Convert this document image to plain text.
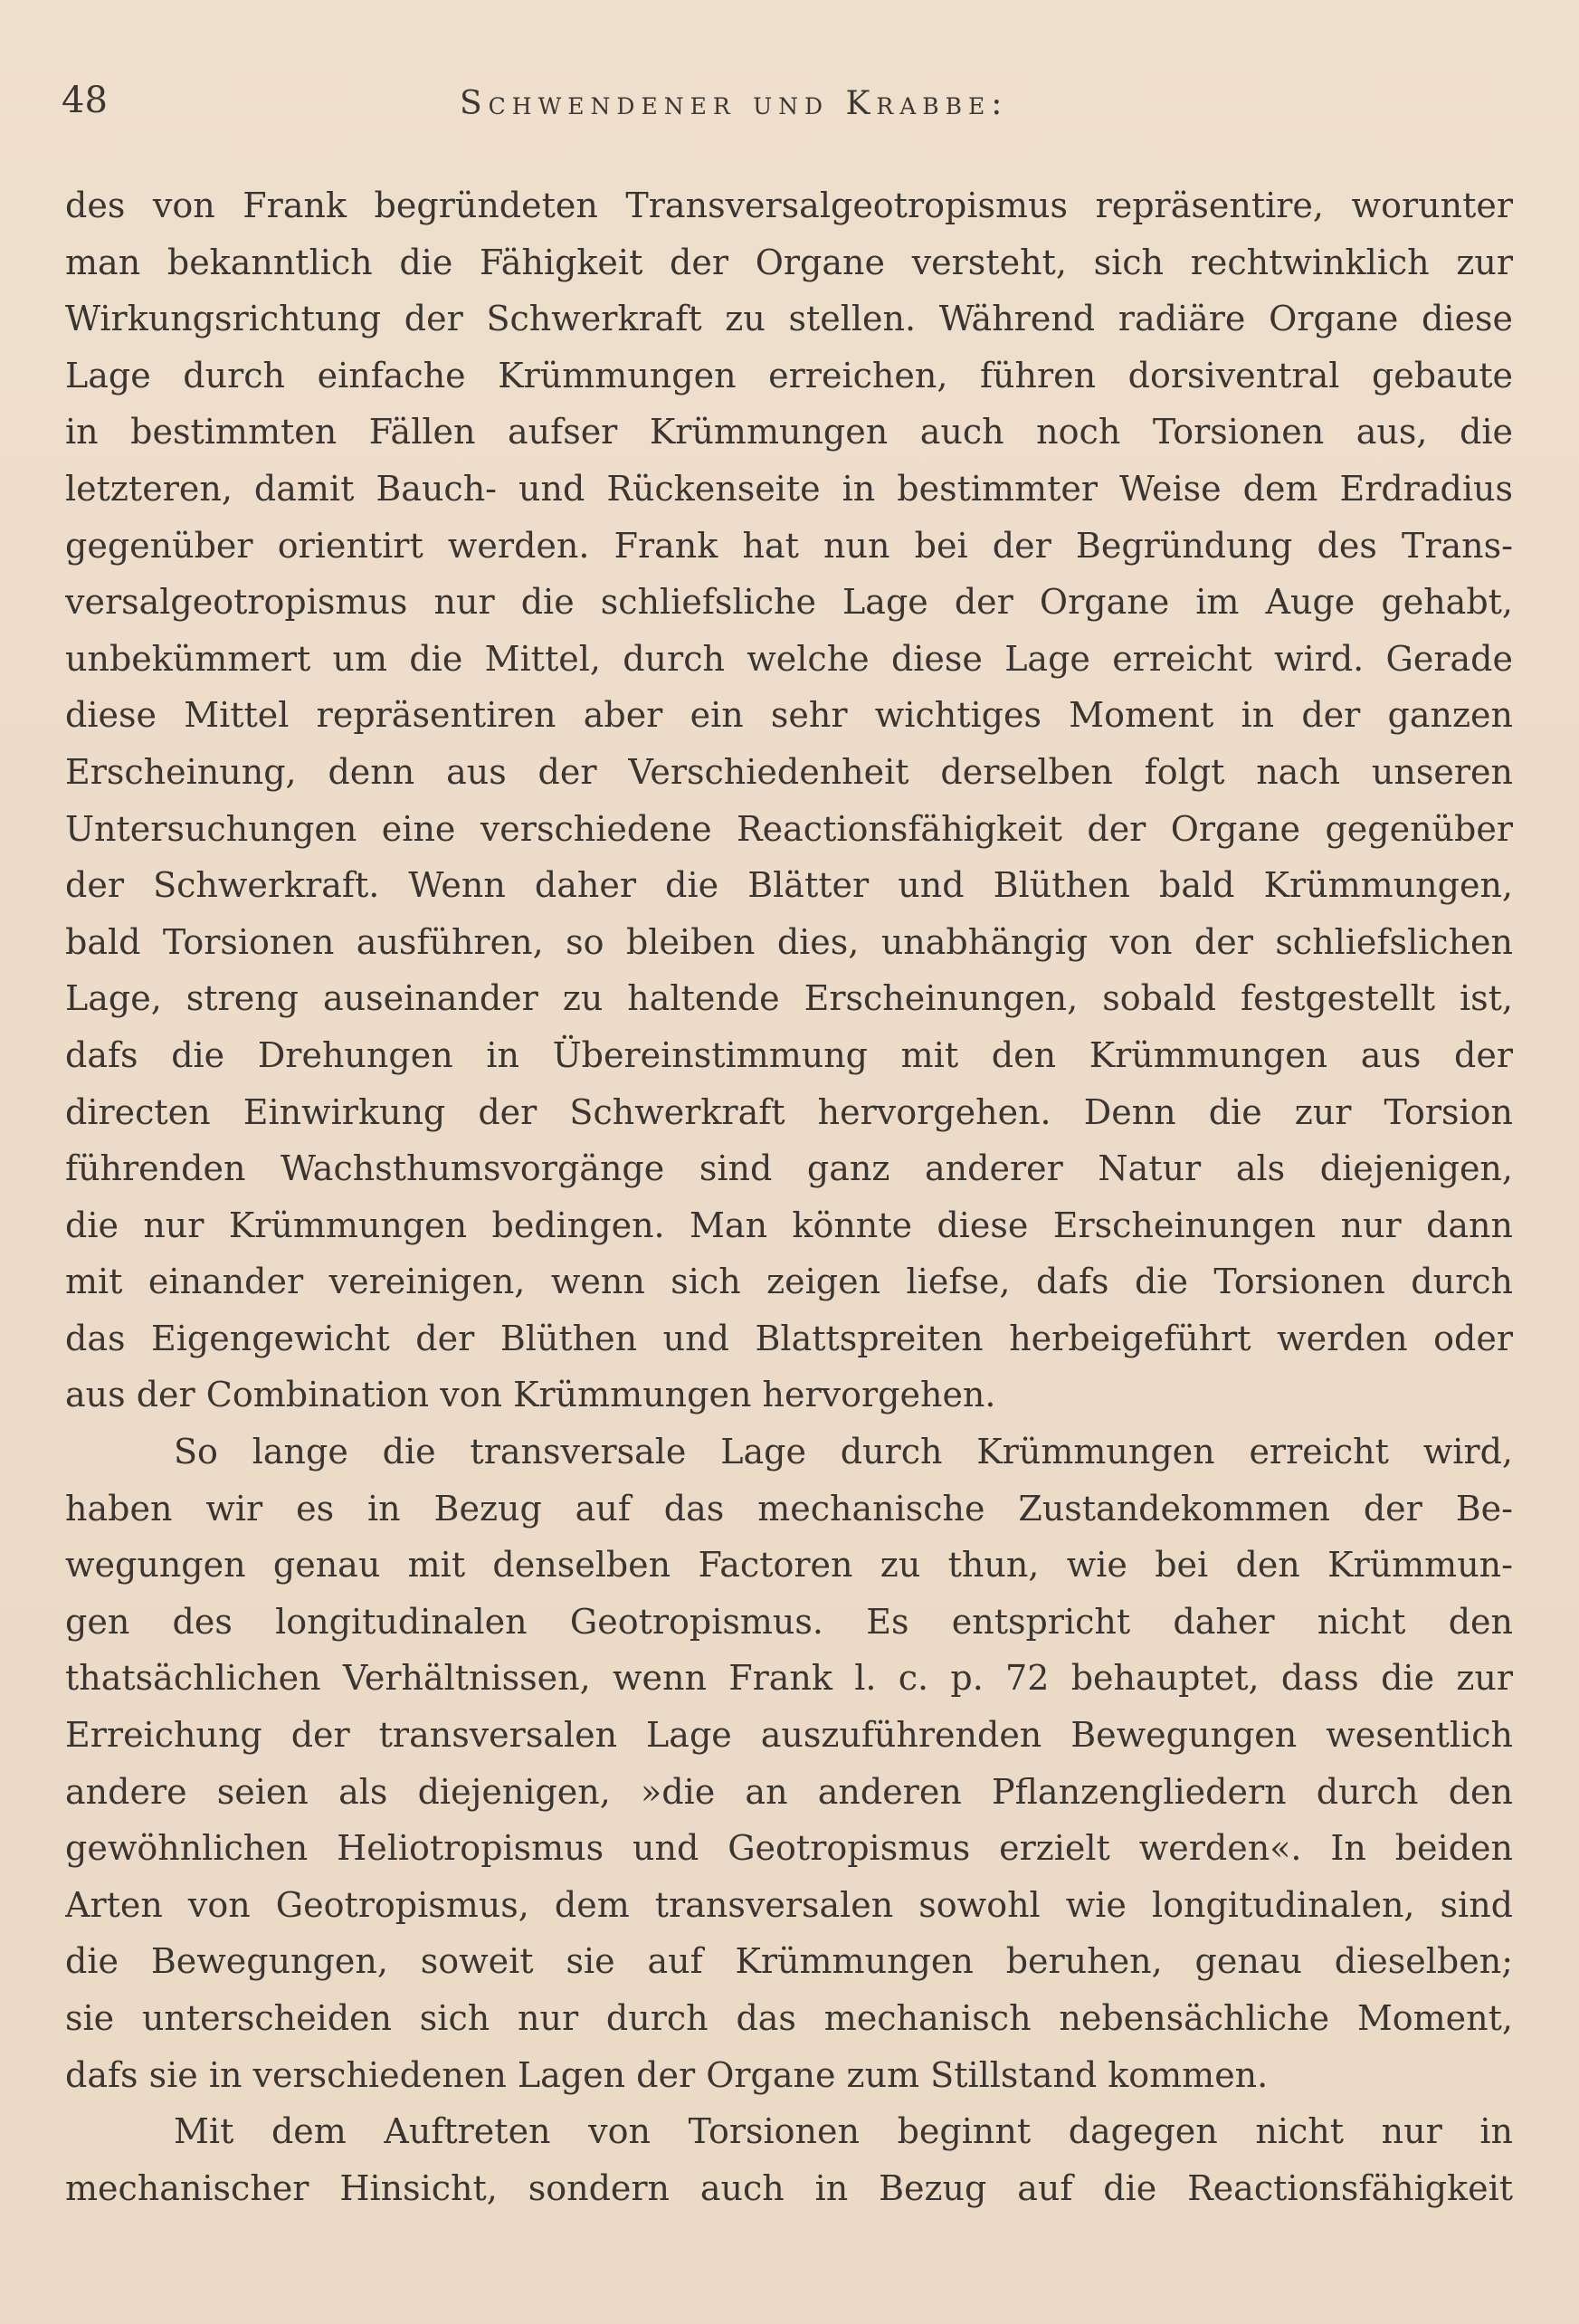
48	Schwendener und Krabbe:
des von Frank begründeten Transversalgeotropismus repräsentire, worunter
man bekanntlich die Fähigkeit der Organe versteht, sich rechtwinklich zur
Wirkungsrichtung der Schwerkraft zu stellen. Während radiäre Organe diese
Lage durch einfache Krümmungen erreichen, führen dorsiventral gebaute
in bestimmten Fällen aufser Krümmungen auch noch Torsionen aus, die
letzteren, damit Bauch- und Rückenseite in bestimmter Weise dem Erdradius
gegenüber orientirt werden. Frank hat nun bei der Begründung des Trans-
versalgeotropismus nur die schliefsliche Lage der Organe im Auge gehabt,
unbekümmert um die Mittel, durch welche diese Lage erreicht wird. Gerade
diese Mittel repräsentiren aber ein sehr wichtiges Moment in der ganzen
Erscheinung, denn aus der Verschiedenheit derselben folgt nach unseren
Untersuchungen eine verschiedene Reactionsfähigkeit der Organe gegenüber
der Schwerkraft. Wenn daher die Blätter und Blüthen bald Krümmungen,
bald Torsionen ausführen, so bleiben dies, unabhängig von der schliefslichen
Lage, streng auseinander zu haltende Erscheinungen, sobald festgestellt ist,
dafs die Drehungen in Übereinstimmung mit den Krümmungen aus der
directen Einwirkung der Schwerkraft hervorgehen. Denn die zur Torsion
führenden Wachsthumsvorgänge sind ganz anderer Natur als diejenigen,
die nur Krümmungen bedingen. Man könnte diese Erscheinungen nur dann
mit einander vereinigen, wenn sich zeigen liefse, dafs die Torsionen durch
das Eigengewicht der Blüthen und Blattspreiten herbeigeführt werden oder
aus der Combination von Krümmungen hervorgehen.
So lange die transversale Lage durch Krümmungen erreicht wird,
haben wir es in Bezug auf das mechanische Zustandekommen der Be-
wegungen genau mit denselben Factoren zu thun, wie bei den Krümmun-
gen des longitudinalen Geotropismus. Es entspricht daher nicht den
thatsächlichen Verhältnissen, wenn Frank l. c. p. 72 behauptet, dass die zur
Erreichung der transversalen Lage auszuführenden Bewegungen wesentlich
andere seien als diejenigen, »die an anderen Pflanzengliedern durch den
gewöhnlichen Heliotropismus und Geotropismus erzielt werden«. In beiden
Arten von Geotropismus, dem transversalen sowohl wie longitudinalen, sind
die Bewegungen, soweit sie auf Krümmungen beruhen, genau dieselben;
sie unterscheiden sich nur durch das mechanisch nebensächliche Moment,
dafs sie in verschiedenen Lagen der Organe zum Stillstand kommen.
Mit dem Auftreten von Torsionen beginnt dagegen nicht nur in
mechanischer Hinsicht, sondern auch in Bezug auf die Reactionsfähigkeit
